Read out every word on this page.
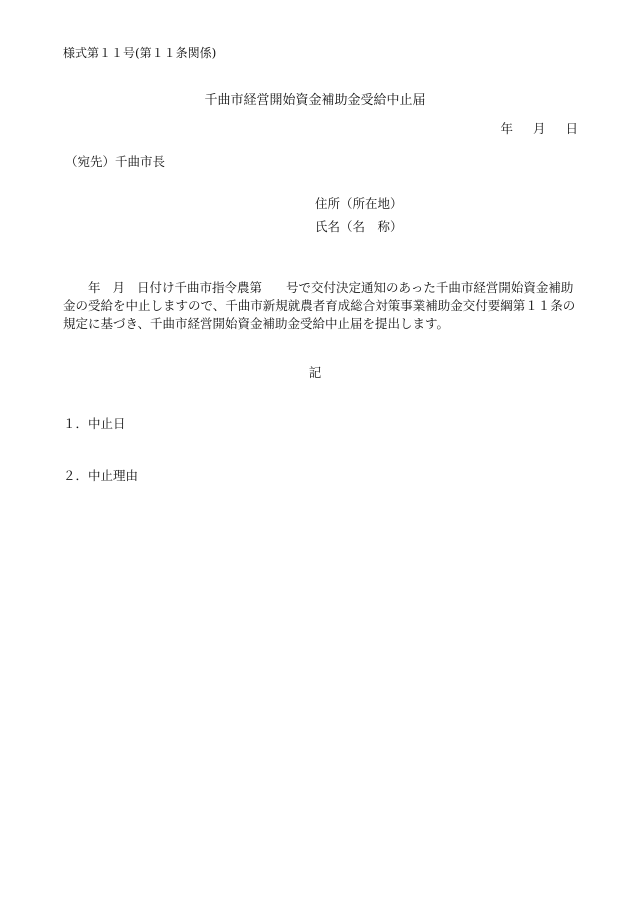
様式第１１号(第１１条関係)
千曲市経営開始資金補助金受給中止届
年 月 日
（宛先）千曲市長
住所（所在地）
氏名（名　称）
年 月 日付け千曲市指令農第 号で交付決定通知のあった千曲市経営開始資金補助金の受給を中止しますので、千曲市新規就農者育成総合対策事業補助金交付要綱第１１条の規定に基づき、千曲市経営開始資金補助金受給中止届を提出します。
記
１．中止日
２．中止理由
